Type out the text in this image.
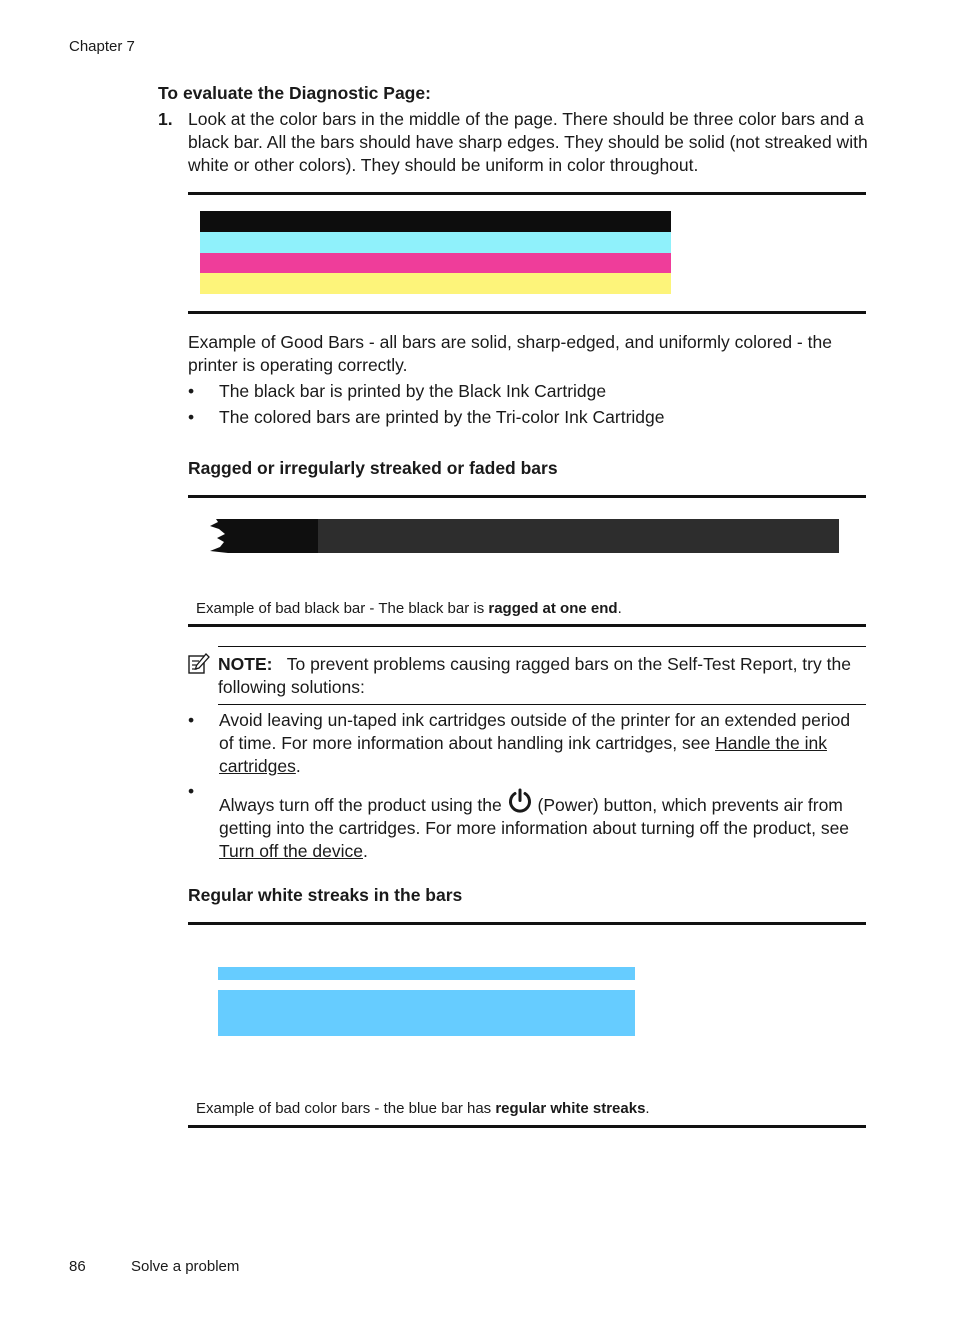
Chapter 7
To evaluate the Diagnostic Page:
1. Look at the color bars in the middle of the page. There should be three color bars and a black bar. All the bars should have sharp edges. They should be solid (not streaked with white or other colors). They should be uniform in color throughout.
Example of Good Bars - all bars are solid, sharp-edged, and uniformly colored - the printer is operating correctly.
• The black bar is printed by the Black Ink Cartridge
• The colored bars are printed by the Tri-color Ink Cartridge
Ragged or irregularly streaked or faded bars
Example of bad black bar - The black bar is ragged at one end.
NOTE: To prevent problems causing ragged bars on the Self-Test Report, try the following solutions:
• Avoid leaving un-taped ink cartridges outside of the printer for an extended period of time. For more information about handling ink cartridges, see Handle the ink cartridges.
•
Always turn off the product using the
(Power) button, which prevents air from getting into the cartridges. For more information about turning off the product, see Turn off the device.
Regular white streaks in the bars
Example of bad color bars - the blue bar has regular white streaks.
86	Solve a problem
